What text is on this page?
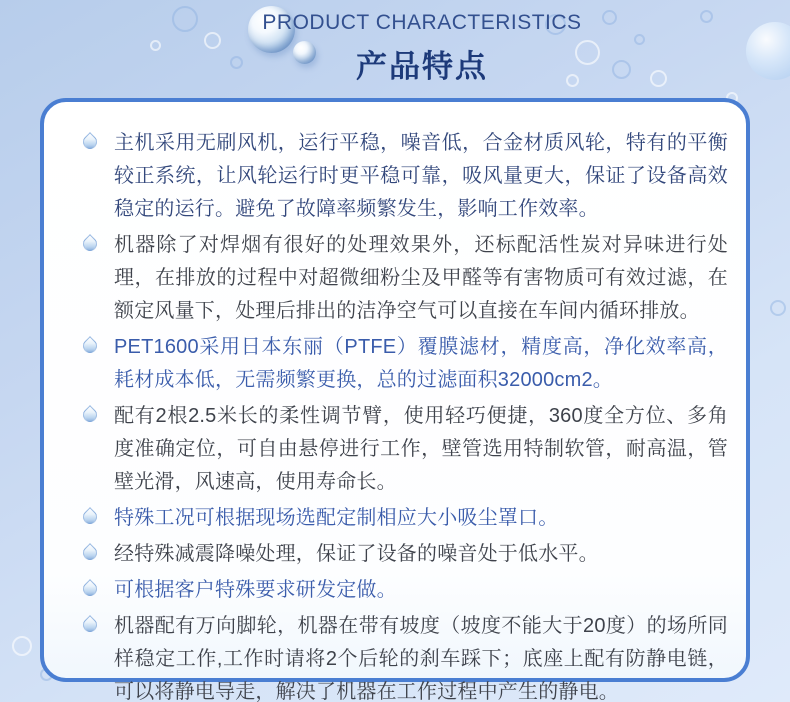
PRODUCT CHARACTERISTICS
产品特点

主机采用无刷风机，运行平稳，噪音低，合金材质风轮，特有的平衡较正系统，让风轮运行时更平稳可靠，吸风量更大，保证了设备高效稳定的运行。避免了故障率频繁发生，影响工作效率。

机器除了对焊烟有很好的处理效果外，还标配活性炭对异味进行处理，在排放的过程中对超微细粉尘及甲醛等有害物质可有效过滤，在额定风量下，处理后排出的洁净空气可以直接在车间内循环排放。

PET1600采用日本东丽（PTFE）覆膜滤材，精度高，净化效率高，耗材成本低，无需频繁更换，总的过滤面积32000cm2。

配有2根2.5米长的柔性调节臂，使用轻巧便捷，360度全方位、多角度准确定位，可自由悬停进行工作，壁管选用特制软管，耐高温，管壁光滑，风速高，使用寿命长。

特殊工况可根据现场选配定制相应大小吸尘罩口。

经特殊减震降噪处理，保证了设备的噪音处于低水平。

可根据客户特殊要求研发定做。

机器配有万向脚轮，机器在带有坡度（坡度不能大于20度）的场所同样稳定工作,工作时请将2个后轮的刹车踩下；底座上配有防静电链，可以将静电导走，解决了机器在工作过程中产生的静电。
